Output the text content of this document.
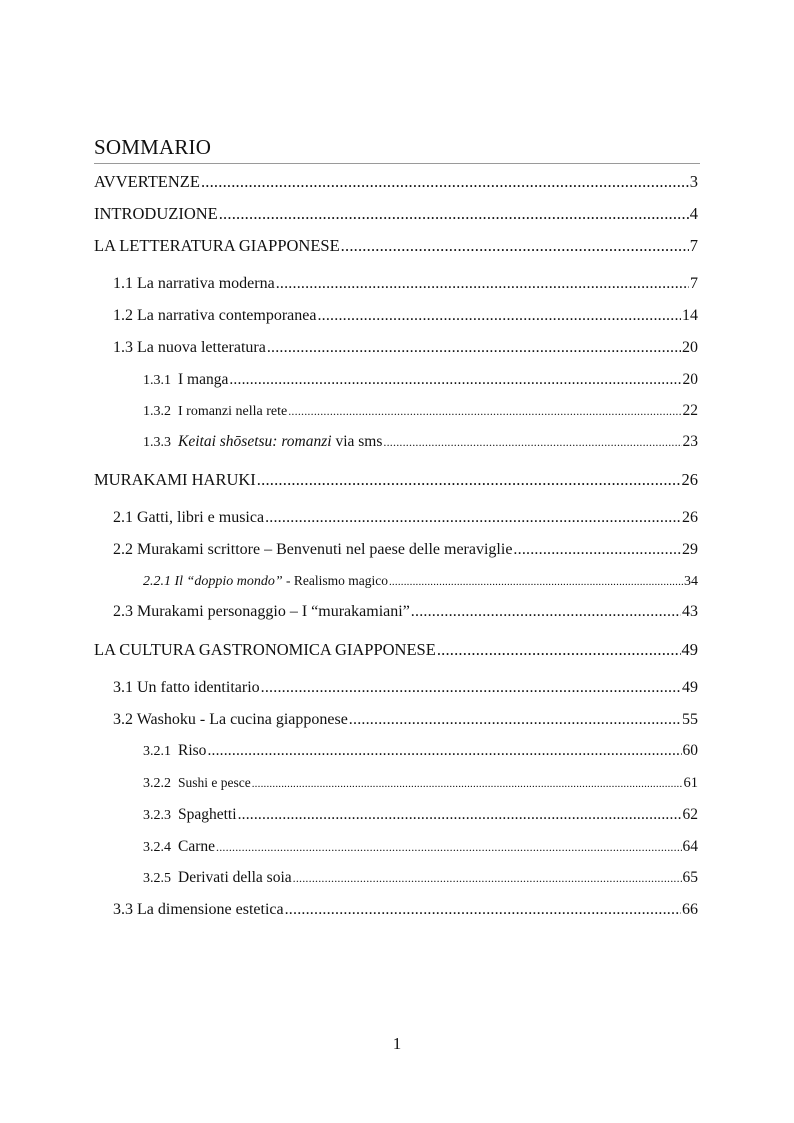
SOMMARIO
AVVERTENZE .....	3
INTRODUZIONE .....	4
LA LETTERATURA GIAPPONESE .....	7
1.1 La narrativa moderna .....	7
1.2 La narrativa contemporanea .....	14
1.3 La nuova letteratura .....	20
1.3.1 I manga .....	20
1.3.2 I romanzi nella rete .....	22
1.3.3 Keitai shōsetsu: romanzi via sms .....	23
MURAKAMI HARUKI .....	26
2.1 Gatti, libri e musica .....	26
2.2 Murakami scrittore – Benvenuti nel paese delle meraviglie .....	29
2.2.1 Il “doppio mondo” - Realismo magico .....	34
2.3 Murakami personaggio – I “murakamiani” .....	43
LA CULTURA GASTRONOMICA GIAPPONESE .....	49
3.1 Un fatto identitario .....	49
3.2 Washoku - La cucina giapponese .....	55
3.2.1 Riso .....	60
3.2.2 Sushi e pesce .....	61
3.2.3 Spaghetti .....	62
3.2.4 Carne .....	64
3.2.5 Derivati della soia .....	65
3.3 La dimensione estetica .....	66
1
